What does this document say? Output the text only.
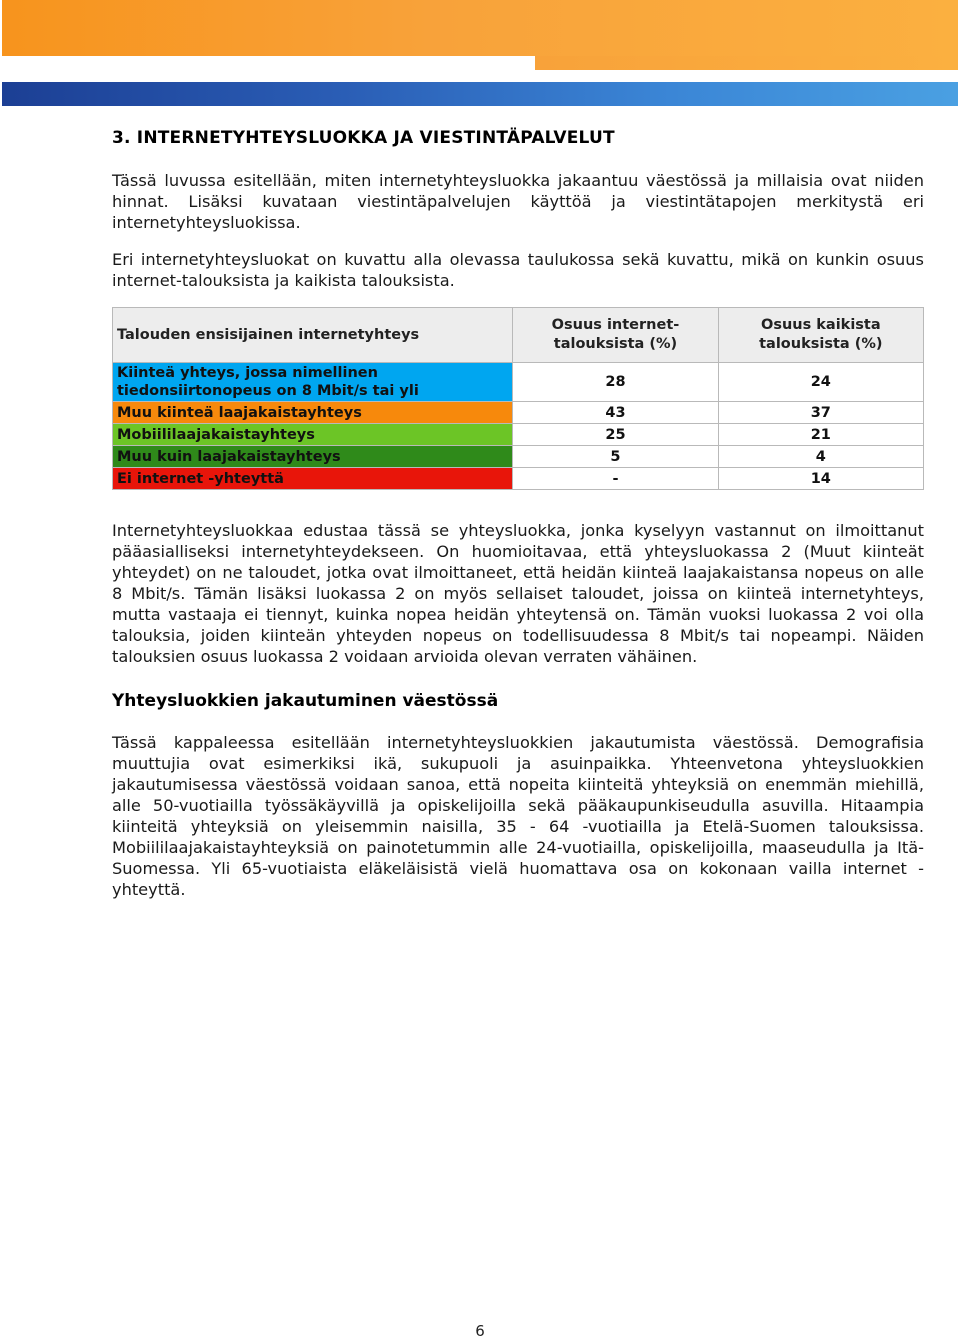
3. INTERNETYHTEYSLUOKKA JA VIESTINTÄPALVELUT

Tässä luvussa esitellään, miten internetyhteysluokka jakaantuu väestössä ja millaisia ovat niiden hinnat. Lisäksi kuvataan viestintäpalvelujen käyttöä ja viestintätapojen merkitystä eri internetyhteysluokissa.

Eri internetyhteysluokat on kuvattu alla olevassa taulukossa sekä kuvattu, mikä on kunkin osuus internet-talouksista ja kaikista talouksista.

Talouden ensisijainen internetyhteys	Osuus internet-talouksista (%)	Osuus kaikista talouksista (%)
Kiinteä yhteys, jossa nimellinen tiedonsiirtonopeus on 8 Mbit/s tai yli	28	24
Muu kiinteä laajakaistayhteys	43	37
Mobiililaajakaistayhteys	25	21
Muu kuin laajakaistayhteys	5	4
Ei internet -yhteyttä	-	14

Internetyhteysluokkaa edustaa tässä se yhteysluokka, jonka kyselyyn vastannut on ilmoittanut pääasialliseksi internetyhteydekseen. On huomioitavaa, että yhteysluokassa 2 (Muut kiinteät yhteydet) on ne taloudet, jotka ovat ilmoittaneet, että heidän kiinteä laajakaistansa nopeus on alle 8 Mbit/s. Tämän lisäksi luokassa 2 on myös sellaiset taloudet, joissa on kiinteä internetyhteys, mutta vastaaja ei tiennyt, kuinka nopea heidän yhteytensä on. Tämän vuoksi luokassa 2 voi olla talouksia, joiden kiinteän yhteyden nopeus on todellisuudessa 8 Mbit/s tai nopeampi. Näiden talouksien osuus luokassa 2 voidaan arvioida olevan verraten vähäinen.

Yhteysluokkien jakautuminen väestössä

Tässä kappaleessa esitellään internetyhteysluokkien jakautumista väestössä. Demografisia muuttujia ovat esimerkiksi ikä, sukupuoli ja asuinpaikka. Yhteenvetona yhteysluokkien jakautumisessa väestössä voidaan sanoa, että nopeita kiinteitä yhteyksiä on enemmän miehillä, alle 50-vuotiailla työssäkäyvillä ja opiskelijoilla sekä pääkaupunkiseudulla asuvilla. Hitaampia kiinteitä yhteyksiä on yleisemmin naisilla, 35 - 64 -vuotiailla ja Etelä-Suomen talouksissa. Mobiililaajakaistayhteyksiä on painotetummin alle 24-vuotiailla, opiskelijoilla, maaseudulla ja Itä-Suomessa. Yli 65-vuotiaista eläkeläisistä vielä huomattava osa on kokonaan vailla internet -yhteyttä.

6
